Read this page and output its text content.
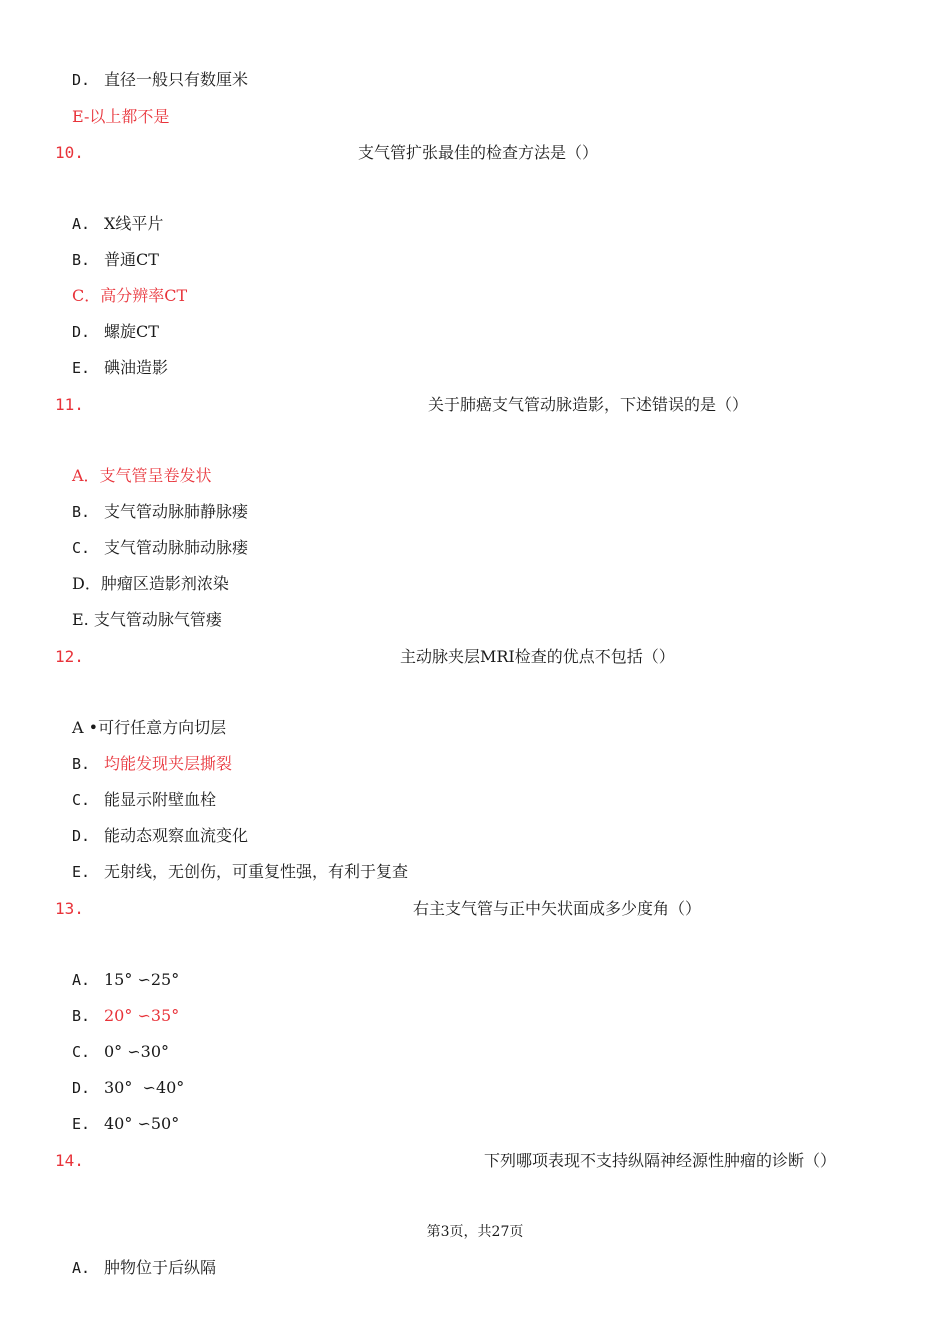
D. 直径一般只有数厘米
E-以上都不是
10.	支气管扩张最佳的检查方法是（）
A. X线平片
B. 普通CT
C．高分辨率CT
D. 螺旋CT
E. 碘油造影
11.	关于肺癌支气管动脉造影，下述错误的是（）
A．支气管呈卷发状
B. 支气管动脉肺静脉瘘
C. 支气管动脉肺动脉瘘
D．肿瘤区造影剂浓染
E. 支气管动脉气管瘘
12.	主动脉夹层MRI检查的优点不包括（）
A •可行任意方向切层
B. 均能发现夹层撕裂
C. 能显示附壁血栓
D. 能动态观察血流变化
E. 无射线，无创伤，可重复性强，有利于复查
13.	右主支气管与正中矢状面成多少度角（）
A. 15° ∽25°
B. 20° ∽35°
C. 0° ∽30°
D. 30°  ∽40°
E. 40° ∽50°
14.	下列哪项表现不支持纵隔神经源性肿瘤的诊断（）
第3页，共27页
A. 肿物位于后纵隔
